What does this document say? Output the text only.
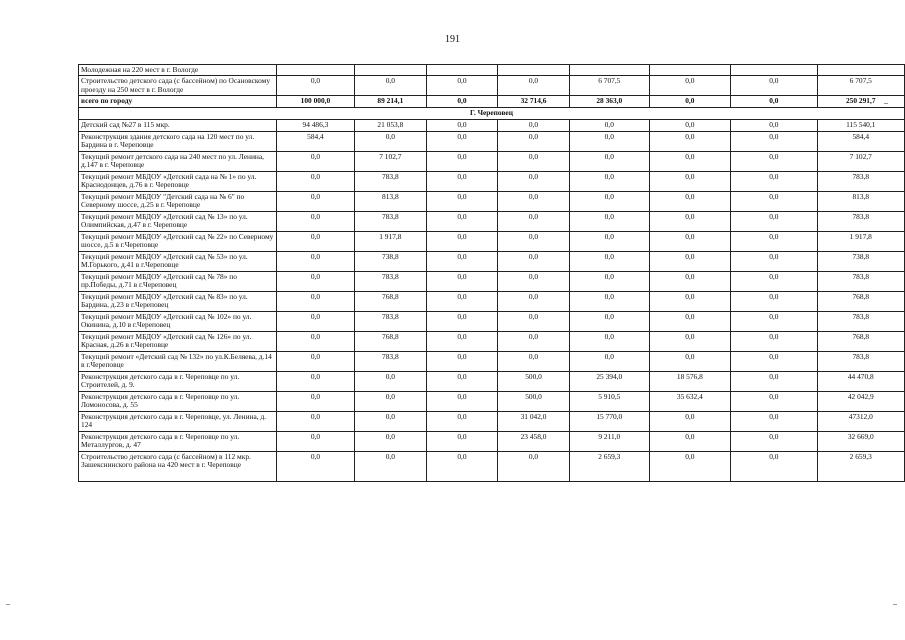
191
Молодежная на 220 мест в г. Вологде								
Строительство детского сада (с бассейном) по Осановскому проезду на 250 мест в г. Вологде	0,0	0,0	0,0	0,0	6 707,5	0,0	0,0	6 707,5
всего по городу	100 000,0	89 214,1	0,0	32 714,6	28 363,0	0,0	0,0	250 291,7
Г. Череповец								
Детский сад №27 в 115 мкр.	94 486,3	21 053,8	0,0	0,0	0,0	0,0	0,0	115 540,1
Реконструкция здания детского сада на 120 мест по ул. Бардина в г. Череповце	584,4	0,0	0,0	0,0	0,0	0,0	0,0	584,4
Текущий ремонт детского сада на 240 мест по ул. Ленина, д.147 в г. Череповце	0,0	7 102,7	0,0	0,0	0,0	0,0	0,0	7 102,7
Текущий ремонт МБДОУ «Детский сада на № 1» по ул. Краснодонцев, д.76 в г. Череповце	0,0	783,8	0,0	0,0	0,0	0,0	0,0	783,8
Текущий ремонт МБДОУ "Детский сада на № 6" по Северному шоссе, д.25 в г. Череповце	0,0	813,8	0,0	0,0	0,0	0,0	0,0	813,8
Текущий ремонт МБДОУ «Детский сад № 13» по ул. Олимпийская, д.47 в г. Череповце	0,0	783,8	0,0	0,0	0,0	0,0	0,0	783,8
Текущий ремонт МБДОУ «Детский сад № 22» по Северному шоссе, д.5 в г.Череповце	0,0	1 917,8	0,0	0,0	0,0	0,0	0,0	1 917,8
Текущий ремонт МБДОУ «Детский сад № 53» по ул. М.Горького, д.41 в г.Череповце	0,0	738,8	0,0	0,0	0,0	0,0	0,0	738,8
Текущий ремонт МБДОУ «Детский сад № 78» по пр.Победы, д.71 в г.Череповец	0,0	783,8	0,0	0,0	0,0	0,0	0,0	783,8
Текущий ремонт МБДОУ «Детский сад № 83» по ул. Бардина, д.23 в г.Череповец	0,0	768,8	0,0	0,0	0,0	0,0	0,0	768,8
Текущий ремонт МБДОУ «Детский сад № 102» по ул. Окинина, д.10 в г.Череповец	0,0	783,8	0,0	0,0	0,0	0,0	0,0	783,8
Текущий ремонт МБДОУ «Детский сад № 126» по ул. Красная, д.26 в г.Череповце	0,0	768,8	0,0	0,0	0,0	0,0	0,0	768,8
Текущий ремонт «Детский сад № 132» по ул.К.Беляева, д.14 в г.Череповце	0,0	783,8	0,0	0,0	0,0	0,0	0,0	783,8
Реконструкция детского сада в г. Череповце по ул. Строителей, д. 9.	0,0	0,0	0,0	500,0	25 394,0	18 576,8	0,0	44 470,8
Реконструкция детского сада в г. Череповце по ул. Ломоносова, д. 55	0,0	0,0	0,0	500,0	5 910,5	35 632,4	0,0	42 042,9
Реконструкция детского сада в г. Череповце, ул. Ленина, д. 124	0,0	0,0	0,0	31 042,0	15 770,0	0,0	0,0	47312,0
Реконструкция детского сада в г. Череповце по ул. Металлургов, д. 47	0,0	0,0	0,0	23 458,0	9 211,0	0,0	0,0	32 669,0
Строительство детского сада (с бассейном) в 112 мкр. Зашекснинского района на 420 мест в г. Череповце	0,0	0,0	0,0	0,0	2 659,3	0,0	0,0	2 659,3
